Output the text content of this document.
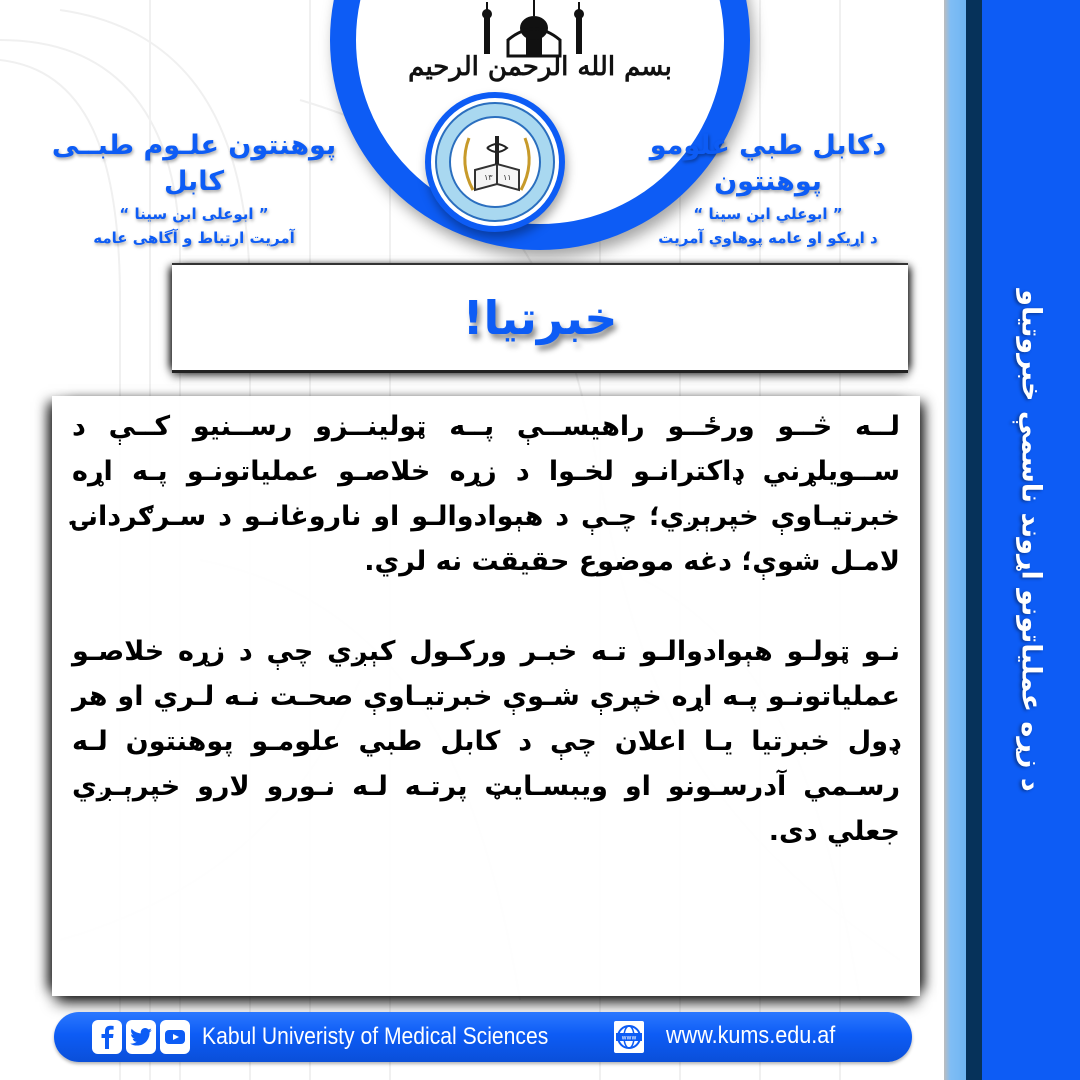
د زړه عملیاتونو اړوند ناسمې خبروتیاو
بسم الله الرحمن الرحیم
١٣ ١١
دکابل طبي علومو پوهنتون
” ابوعلي ابن سینا “
د اړیکو او عامه پوهاوي آمریت
پوهنتون علـوم طبــی کابل
” ابوعلی ابن سینا “
آمریت ارتباط و آگاهی عامه
خبرتیا!

لــه څــو ورځــو راهیســې پــه ټولینــزو رســنیو کــې د ســویلړني ډاکترانـو لخـوا د زړه خلاصـو عملیاتونـو پـه اړه خبرتیـاوې خپرېږي؛ چـې د هېوادوالـو او ناروغانـو د سـرګردانۍ لامـل شوې؛ دغه موضوع حقیقت نه لري.

نـو ټولـو هېوادوالـو تـه خبـر ورکـول کېږي چې د زړه خلاصـو عملیاتونـو پـه اړه خپرې شـوې خبرتیـاوې صحـت نـه لـري او هر ډول خبرتیا یـا اعلان چې د کابل طبي علومـو پوهنتون لـه رسـمي آدرسـونو او ویبسـایټ پرتـه لـه نـورو لارو خپرېـږي جعلي دی.

Kabul Univeristy of Medical Sciences	www www.kums.edu.af
